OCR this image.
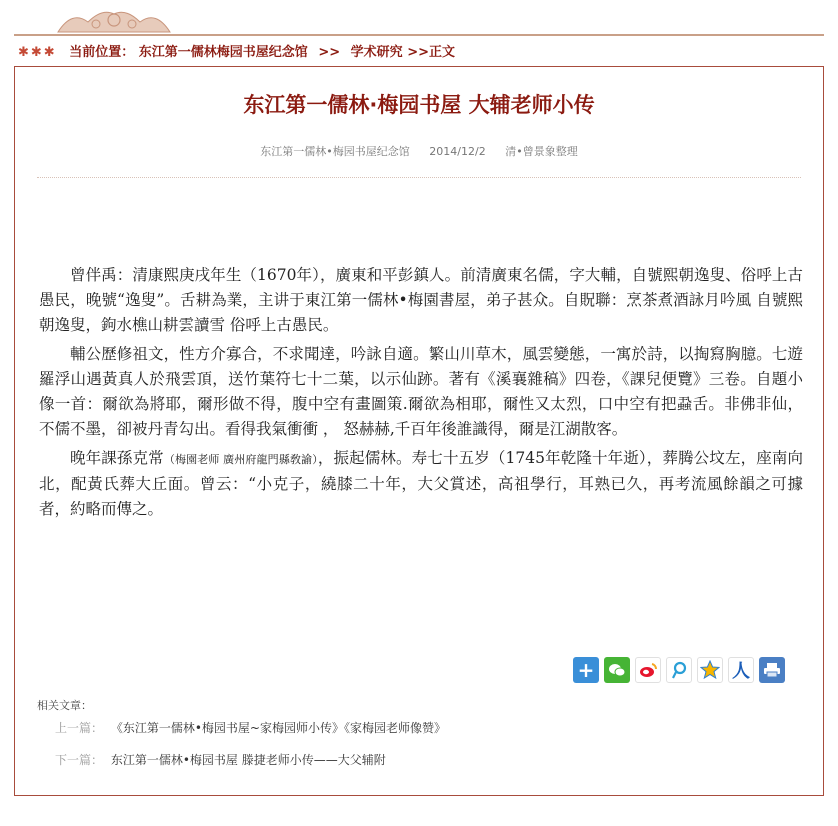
✱✱✱ 当前位置： 东江第一儒林梅园书屋纪念馆 >> 学术研究 >>正文
东江第一儒林·梅园书屋 大辅老师小传
东江第一儒林•梅园书屋纪念馆 2014/12/2 清•曾景象整理

曾伴禹：清康熙庚戌年生（1670年），廣東和平彭鎮人。前清廣東名儒，字大輔，自號熙朝逸叟、俗呼上古愚民，晚號“逸叟”。舌耕為業，主讲于東江第一儒林•梅園書屋，弟子甚众。自貺聯：烹茶煮酒詠月吟風 自號熙朝逸叟，鉤水樵山耕雲讀雪 俗呼上古愚民。

輔公歷修祖文，性方介寡合，不求聞達，吟詠自適。繁山川草木，風雲變態，一寓於詩，以掏寫胸臆。七遊羅浮山遇黃真人於飛雲頂，送竹葉符七十二葉，以示仙跡。著有《溪襄雜稿》四卷，《課兒便覽》三卷。自題小像一首：爾欲為將耶，爾形做不得，腹中空有畫圖策.爾欲為相耶，爾性又太烈，口中空有把蝨舌。非佛非仙，不儒不墨，卻被丹青勾出。看得我氣衝衝 ， 怒赫赫,千百年後誰識得，爾是江湖散客。

晚年課孫克常（梅園老师 廣州府龍門縣敎諭），振起儒林。寿七十五岁（1745年乾隆十年逝），葬腾公坟左，座南向北，配黃氏葬大丘面。曾云：“小克子，繞膝二十年，大父賞述，高祖學行，耳熟已久，再考流風餘韻之可據者，約略而傳之。

+	人
相关文章：
上一篇： 《东江第一儒林•梅园书屋~家梅园师小传》《家梅园老师像赞》
下一篇： 东江第一儒林•梅园书屋 滕捷老师小传——大父辅附
